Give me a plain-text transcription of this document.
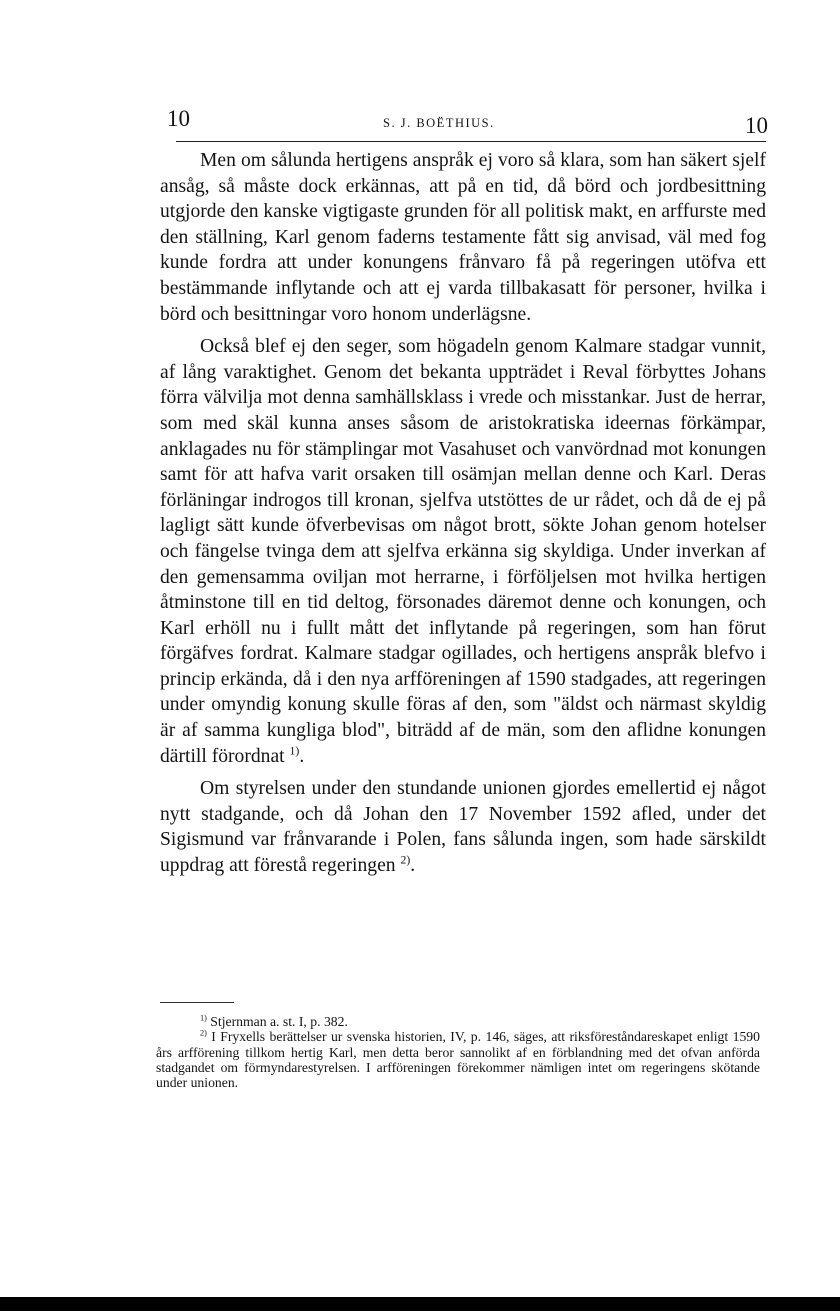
10	S. J. BOËTHIUS.	10

Men om sålunda hertigens anspråk ej voro så klara, som han säkert sjelf ansåg, så måste dock erkännas, att på en tid, då börd och jordbesittning utgjorde den kanske vigtigaste grunden för all politisk makt, en arffurste med den ställning, Karl genom faderns testamente fått sig anvisad, väl med fog kunde fordra att under konungens frånvaro få på regeringen utöfva ett bestämmande inflytande och att ej varda tillbakasatt för personer, hvilka i börd och besittningar voro honom underlägsne.

Också blef ej den seger, som högadeln genom Kalmare stadgar vunnit, af lång varaktighet. Genom det bekanta uppträdet i Reval förbyttes Johans förra välvilja mot denna samhällsklass i vrede och misstankar. Just de herrar, som med skäl kunna anses såsom de aristokratiska ideernas förkämpar, anklagades nu för stämplingar mot Vasahuset och vanvördnad mot konungen samt för att hafva varit orsaken till osämjan mellan denne och Karl. Deras förläningar indrogos till kronan, sjelfva utstöttes de ur rådet, och då de ej på lagligt sätt kunde öfverbevisas om något brott, sökte Johan genom hotelser och fängelse tvinga dem att sjelfva erkänna sig skyldiga. Under inverkan af den gemensamma oviljan mot herrarne, i förföljelsen mot hvilka hertigen åtminstone till en tid deltog, försonades däremot denne och konungen, och Karl erhöll nu i fullt mått det inflytande på regeringen, som han förut förgäfves fordrat. Kalmare stadgar ogillades, och hertigens anspråk blefvo i princip erkända, då i den nya arfföreningen af 1590 stadgades, att regeringen under omyndig konung skulle föras af den, som "äldst och närmast skyldig är af samma kungliga blod", biträdd af de män, som den aflidne konungen därtill förordnat $^{1)}$.

Om styrelsen under den stundande unionen gjordes emellertid ej något nytt stadgande, och då Johan den 17 November 1592 afled, under det Sigismund var frånvarande i Polen, fans sålunda ingen, som hade särskildt uppdrag att förestå regeringen $^{2)}$.

$^{1)}$ Stjernman a. st. I, p. 382.

$^{2)}$ I Fryxells berättelser ur svenska historien, IV, p. 146, säges, att riksföreståndareskapet enligt 1590 års arfförening tillkom hertig Karl, men detta beror sannolikt af en förblandning med det ofvan anförda stadgandet om förmyndarestyrelsen. I arfföreningen förekommer nämligen intet om regeringens skötande under unionen.
